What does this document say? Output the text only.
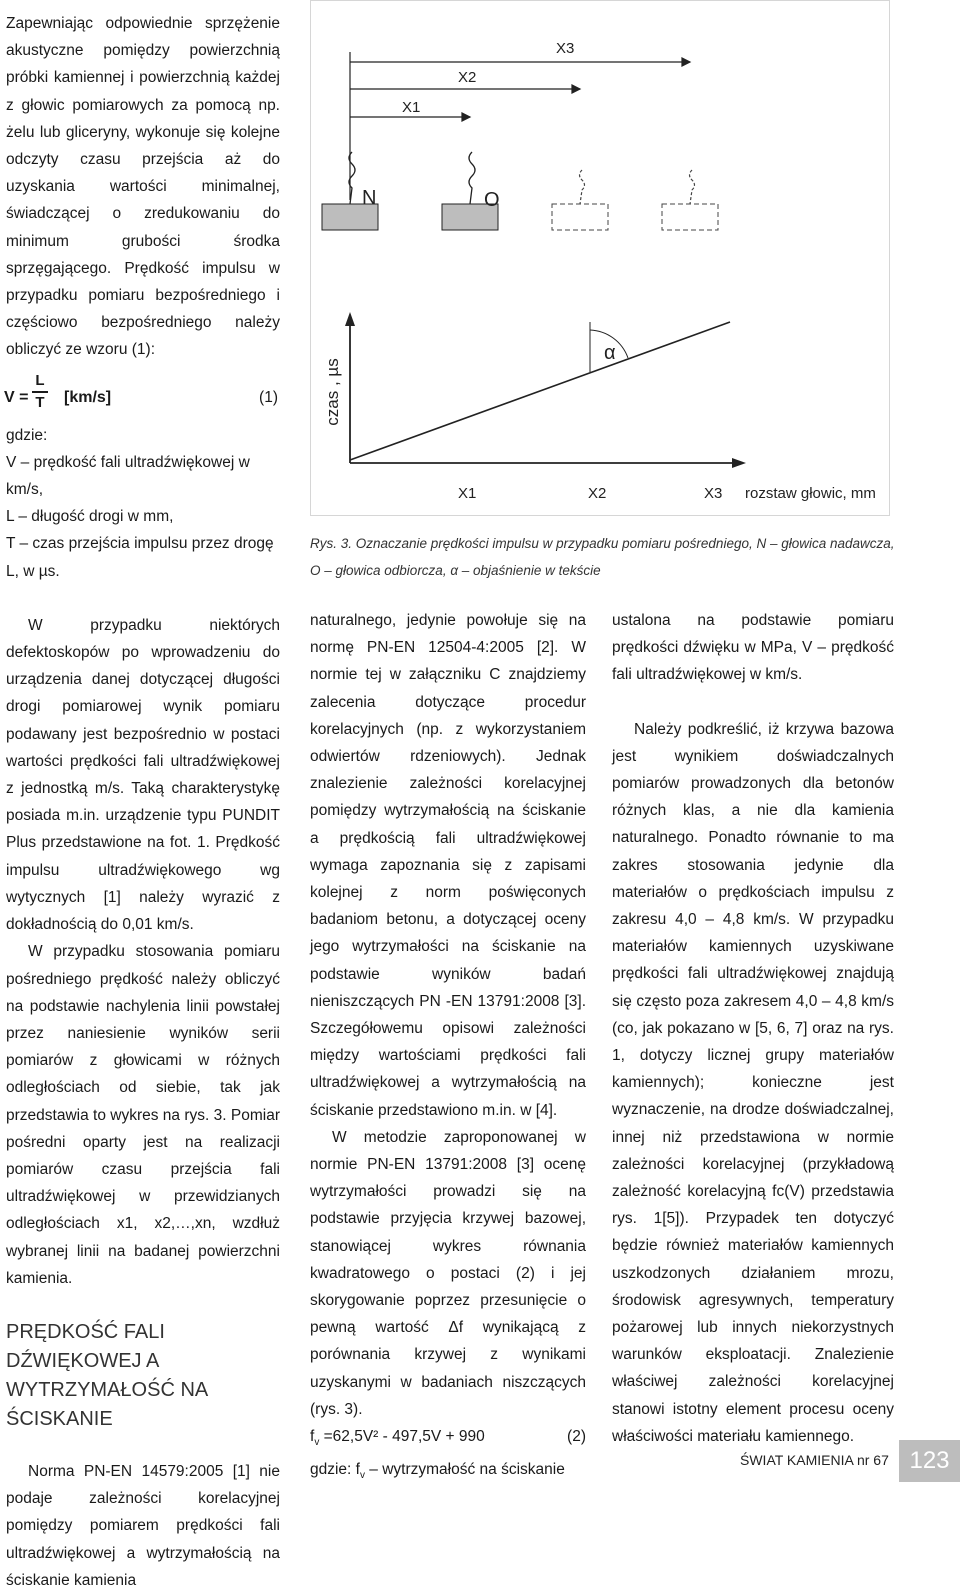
Zapewniając odpowiednie sprzężenie akustyczne pomiędzy powierzchnią próbki kamiennej i powierzchnią każdej z głowic pomiarowych za pomocą np. żelu lub gliceryny, wykonuje się kolejne odczyty czasu przejścia aż do uzyskania wartości minimalnej, świadczącej o zredukowaniu do minimum grubości środka sprzęgającego. Prędkość impulsu w przypadku pomiaru bezpośredniego i częściowo bezpośredniego należy obliczyć ze wzoru (1):

V =
L
T [km/s]	(1)

gdzie:

V – prędkość fali ultradźwiękowej w km/s,

L – długość drogi w mm,

T – czas przejścia impulsu przez drogę L, w µs.

W przypadku niektórych defektoskopów po wprowadzeniu do urządzenia danej dotyczącej długości drogi pomiarowej wynik pomiaru podawany jest bezpośrednio w postaci wartości prędkości fali ultradźwiękowej z jednostką m/s. Taką charakterystykę posiada m.in. urządzenie typu PUNDIT Plus przedstawione na fot. 1. Prędkość impulsu ultradźwiękowego wg wytycznych [1] należy wyrazić z dokładnością do 0,01 km/s.

W przypadku stosowania pomiaru pośredniego prędkość należy obliczyć na podstawie nachylenia linii powstałej przez naniesienie wyników serii pomiarów z głowicami w różnych odległościach od siebie, tak jak przedstawia to wykres na rys. 3. Pomiar pośredni oparty jest na realizacji pomiarów czasu przejścia fali ultradźwiękowej w przewidzianych odległościach x1, x2,…,xn, wzdłuż wybranej linii na badanej powierzchni kamienia.

PRĘDKOŚĆ FALI DŹWIĘKOWEJ A WYTRZYMAŁOŚĆ NA ŚCISKANIE

Norma PN-EN 14579:2005 [1] nie podaje zależności korelacyjnej pomiędzy pomiarem prędkości fali ultradźwiękowej a wytrzymałością na ściskanie kamienia

X3
X2
X1
N	O
czas , µs
α
X1	X2	X3 rozstaw głowic, mm
Rys. 3. Oznaczanie prędkości impulsu w przypadku pomiaru pośredniego, N – głowica nadawcza,
O – głowica odbiorcza, α – objaśnienie w tekście

naturalnego, jedynie powołuje się na normę PN-EN 12504-4:2005 [2]. W normie tej w załączniku C znajdziemy zalecenia dotyczące procedur korelacyjnych (np. z wykorzystaniem odwiertów rdzeniowych). Jednak znalezienie zależności korelacyjnej pomiędzy wytrzymałością na ściskanie a prędkością fali ultradźwiękowej wymaga zapoznania się z zapisami kolejnej z norm poświęconych badaniom betonu, a dotyczącej oceny jego wytrzymałości na ściskanie na podstawie wyników badań nieniszczących PN -EN 13791:2008 [3]. Szczegółowemu opisowi zależności między wartościami prędkości fali ultradźwiękowej a wytrzymałością na ściskanie przedstawiono m.in. w [4].

W metodzie zaproponowanej w normie PN-EN 13791:2008 [3] ocenę wytrzymałości prowadzi się na podstawie przyjęcia krzywej bazowej, stanowiącej wykres równania kwadratowego o postaci (2) i jej skorygowanie poprzez przesunięcie o pewną wartość Δf wynikającą z porównania krzywej z wynikami uzyskanymi w badaniach niszczących (rys. 3).

$f_v =62,5V^2 - 497,5V + 990$	(2)

gdzie: $f_v$ – wytrzymałość na ściskanie

ustalona na podstawie pomiaru prędkości dźwięku w MPa, V – prędkość fali ultradźwiękowej w km/s.

Należy podkreślić, iż krzywa bazowa jest wynikiem doświadczalnych pomiarów prowadzonych dla betonów różnych klas, a nie dla kamienia naturalnego. Ponadto równanie to ma zakres stosowania jedynie dla materiałów o prędkościach impulsu z zakresu 4,0 – 4,8 km/s. W przypadku materiałów kamiennych uzyskiwane prędkości fali ultradźwiękowej znajdują się często poza zakresem 4,0 – 4,8 km/s (co, jak pokazano w [5, 6, 7] oraz na rys. 1, dotyczy licznej grupy materiałów kamiennych); konieczne jest wyznaczenie, na drodze doświadczalnej, innej niż przedstawiona w normie zależności korelacyjnej (przykładową zależność korelacyjną fc(V) przedstawia rys. 1[5]). Przypadek ten dotyczyć będzie również materiałów kamiennych uszkodzonych działaniem mrozu, środowisk agresywnych, temperatury pożarowej lub innych niekorzystnych warunków eksploatacji. Znalezienie właściwej zależności korelacyjnej stanowi istotny element procesu oceny właściwości materiału kamiennego.

ŚWIAT KAMIENIA nr 67 123
